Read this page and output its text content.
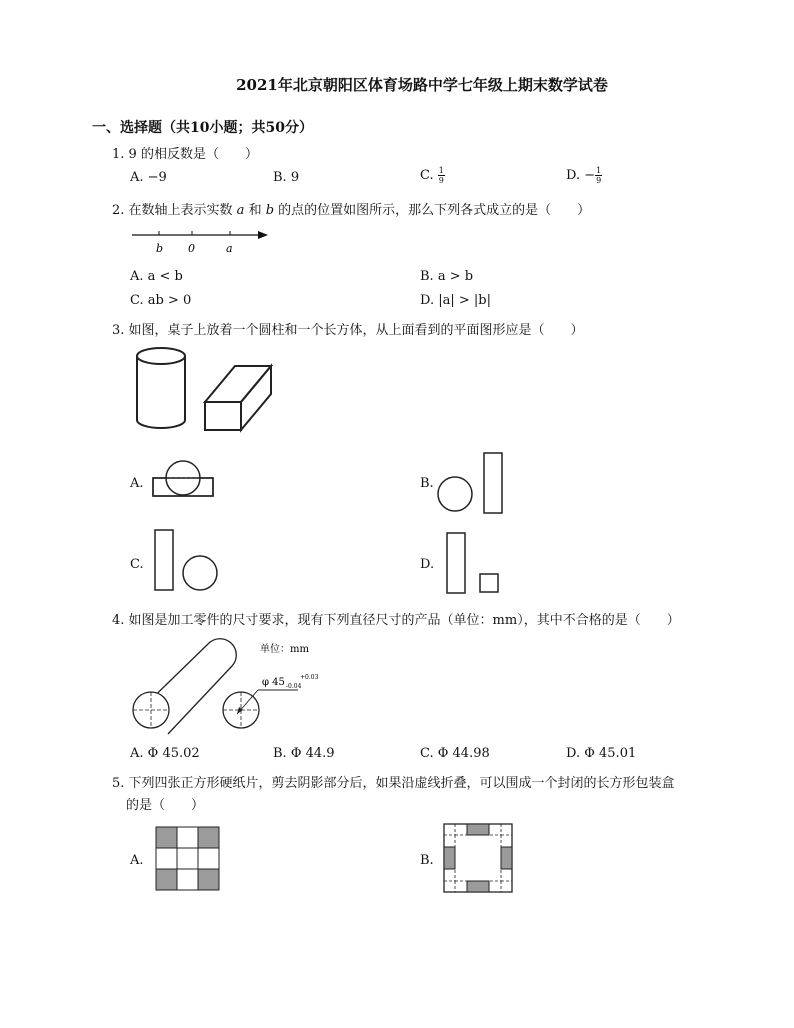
2021年北京朝阳区体育场路中学七年级上期末数学试卷
一、选择题（共10小题；共50分）
1. 9 的相反数是（　　）
A. −9	B. 9	C. $\frac{1}{9}$	D. − $\frac{1}{9}$
2. 在数轴上表示实数 a 和 b 的点的位置如图所示，那么下列各式成立的是（　　）
b 0	a
A. a < b	B. a > b
C. ab > 0	D. |a| > |b|
3. 如图，桌子上放着一个圆柱和一个长方体，从上面看到的平面图形应是（　　）
A.	B.
C.	D.
4. 如图是加工零件的尺寸要求，现有下列直径尺寸的产品（单位：mm），其中不合格的是（　　）
单位：mm
φ 45 -0.04
+0.03
A. Φ 45.02	B. Φ 44.9	C. Φ 44.98	D. Φ 45.01
5. 下列四张正方形硬纸片，剪去阴影部分后，如果沿虚线折叠，可以围成一个封闭的长方形包装盒
的是（　　）
A.	B.
